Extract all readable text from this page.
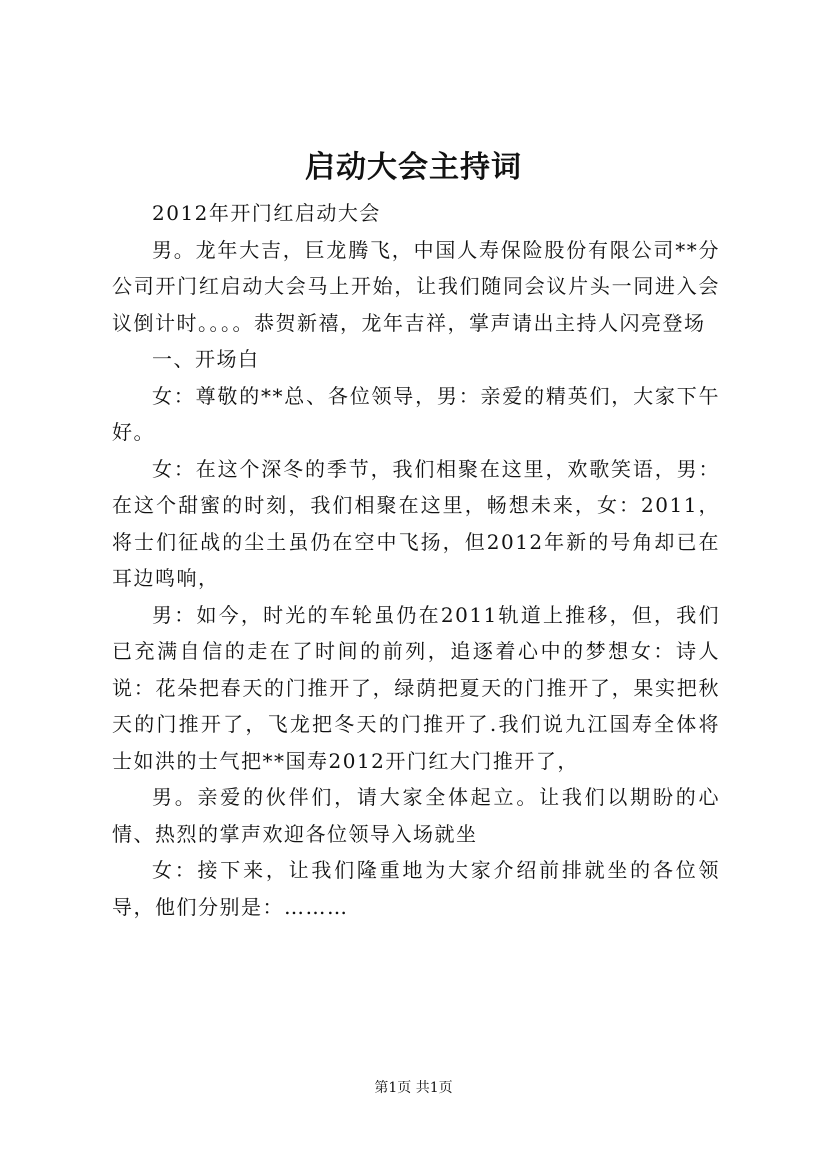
启动大会主持词

2012年开门红启动大会

男。龙年大吉，巨龙腾飞，中国人寿保险股份有限公司**分公司开门红启动大会马上开始，让我们随同会议片头一同进入会议倒计时。。。。恭贺新禧，龙年吉祥，掌声请出主持人闪亮登场

一、开场白

女：尊敬的**总、各位领导，男：亲爱的精英们，大家下午好。

女：在这个深冬的季节，我们相聚在这里，欢歌笑语，男：在这个甜蜜的时刻，我们相聚在这里，畅想未来，女：2011，将士们征战的尘土虽仍在空中飞扬，但2012年新的号角却已在耳边鸣响，

男：如今，时光的车轮虽仍在2011轨道上推移，但，我们已充满自信的走在了时间的前列，追逐着心中的梦想女：诗人说：花朵把春天的门推开了，绿荫把夏天的门推开了，果实把秋天的门推开了，飞龙把冬天的门推开了.我们说九江国寿全体将士如洪的士气把**国寿2012开门红大门推开了，

男。亲爱的伙伴们，请大家全体起立。让我们以期盼的心情、热烈的掌声欢迎各位领导入场就坐

女：接下来，让我们隆重地为大家介绍前排就坐的各位领导，他们分别是：………

第1页 共1页
